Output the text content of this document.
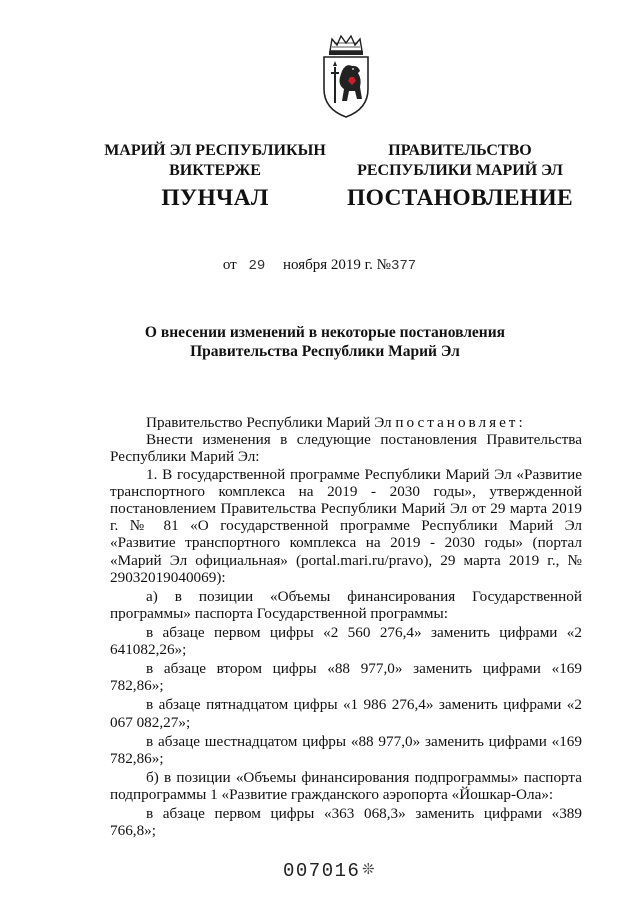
МАРИЙ ЭЛ РЕСПУБЛИКЫН
ВИКТЕРЖЕ
ПУНЧАЛ
ПРАВИТЕЛЬСТВО
РЕСПУБЛИКИ МАРИЙ ЭЛ
ПОСТАНОВЛЕНИЕ
от 29 ноября 2019 г. №377
О внесении изменений в некоторые постановления
Правительства Республики Марий Эл

Правительство Республики Марий Эл постановляет:

Внести изменения в следующие постановления Правительства Республики Марий Эл:

1. В государственной программе Республики Марий Эл «Развитие транспортного комплекса на 2019 - 2030 годы», утвержденной постановлением Правительства Республики Марий Эл от 29 марта 2019 г. № 81 «О государственной программе Республики Марий Эл «Развитие транспортного комплекса на 2019 - 2030 годы» (портал «Марий Эл официальная» (portal.mari.ru/pravo), 29 марта 2019 г., № 29032019040069):

а) в позиции «Объемы финансирования Государственной программы» паспорта Государственной программы:

в абзаце первом цифры «2 560 276,4» заменить цифрами «2 641082,26»;

в абзаце втором цифры «88 977,0» заменить цифрами «169 782,86»;

в абзаце пятнадцатом цифры «1 986 276,4» заменить цифрами «2 067 082,27»;

в абзаце шестнадцатом цифры «88 977,0» заменить цифрами «169 782,86»;

б) в позиции «Объемы финансирования подпрограммы» паспорта подпрограммы 1 «Развитие гражданского аэропорта «Йошкар-Ола»:

в абзаце первом цифры «363 068,3» заменить цифрами «389 766,8»;

007016 ❊
